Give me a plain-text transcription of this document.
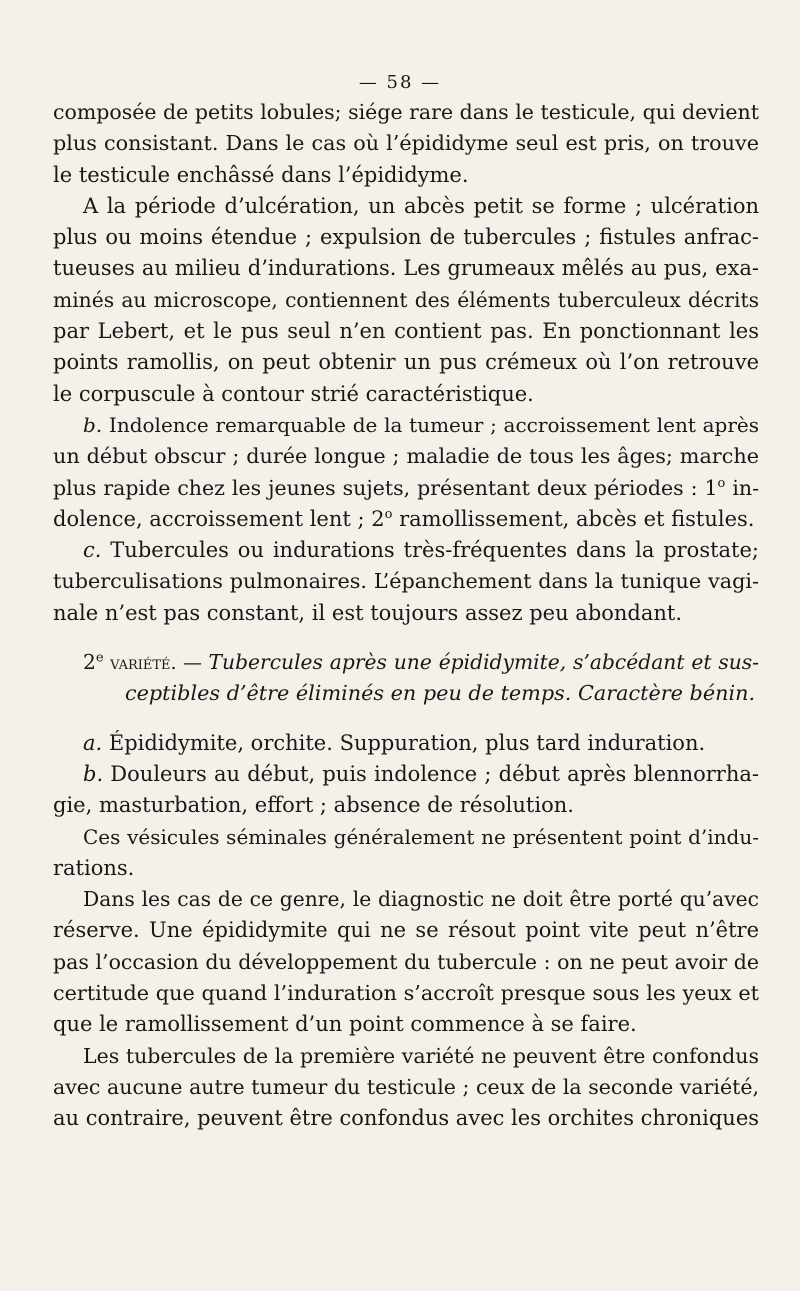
— 58 —
composée de petits lobules; siége rare dans le testicule, qui devient
plus consistant. Dans le cas où l’épididyme seul est pris, on trouve
le testicule enchâssé dans l’épididyme.
A la période d’ulcération, un abcès petit se forme ; ulcération
plus ou moins étendue ; expulsion de tubercules ; fistules anfrac-
tueuses au milieu d’indurations. Les grumeaux mêlés au pus, exa-
minés au microscope, contiennent des éléments tuberculeux décrits
par Lebert, et le pus seul n’en contient pas. En ponctionnant les
points ramollis, on peut obtenir un pus crémeux où l’on retrouve
le corpuscule à contour strié caractéristique.
b. Indolence remarquable de la tumeur ; accroissement lent après
un début obscur ; durée longue ; maladie de tous les âges; marche
plus rapide chez les jeunes sujets, présentant deux périodes : 1$^o$ in-
dolence, accroissement lent ; 2$^o$ ramollissement, abcès et fistules.
c. Tubercules ou indurations très-fréquentes dans la prostate;
tuberculisations pulmonaires. L’épanchement dans la tunique vagi-
nale n’est pas constant, il est toujours assez peu abondant.
2e variété. — Tubercules après une épididymite, s’abcédant et sus-
ceptibles d’être éliminés en peu de temps. Caractère bénin.
a. Épididymite, orchite. Suppuration, plus tard induration.
b. Douleurs au début, puis indolence ; début après blennorrha-
gie, masturbation, effort ; absence de résolution.
Ces vésicules séminales généralement ne présentent point d’indu-
rations.
Dans les cas de ce genre, le diagnostic ne doit être porté qu’avec
réserve. Une épididymite qui ne se résout point vite peut n’être
pas l’occasion du développement du tubercule : on ne peut avoir de
certitude que quand l’induration s’accroît presque sous les yeux et
que le ramollissement d’un point commence à se faire.
Les tubercules de la première variété ne peuvent être confondus
avec aucune autre tumeur du testicule ; ceux de la seconde variété,
au contraire, peuvent être confondus avec les orchites chroniques
